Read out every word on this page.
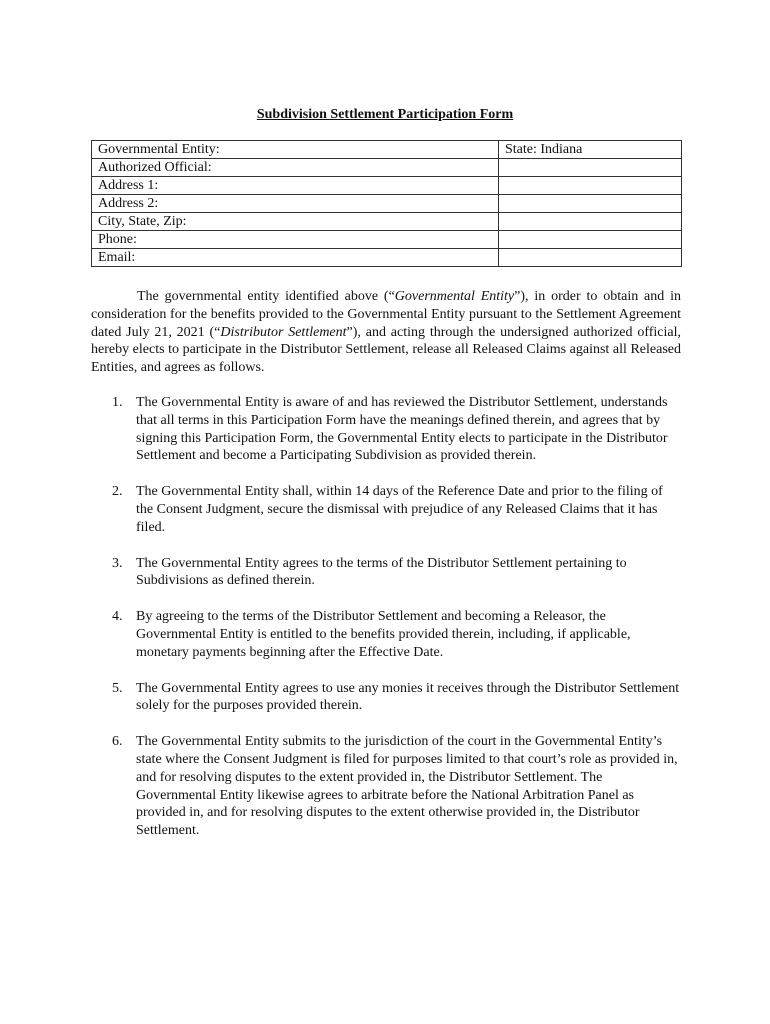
Subdivision Settlement Participation Form
Governmental Entity:	State: Indiana
Authorized Official:	
Address 1:	
Address 2:	
City, State, Zip:	
Phone:	
Email:	
The governmental entity identified above (“Governmental Entity”), in order to obtain and in consideration for the benefits provided to the Governmental Entity pursuant to the Settlement Agreement dated July 21, 2021 (“Distributor Settlement”), and acting through the undersigned authorized official, hereby elects to participate in the Distributor Settlement, release all Released Claims against all Released Entities, and agrees as follows.
1. The Governmental Entity is aware of and has reviewed the Distributor Settlement, understands that all terms in this Participation Form have the meanings defined therein, and agrees that by signing this Participation Form, the Governmental Entity elects to participate in the Distributor Settlement and become a Participating Subdivision as provided therein.
2. The Governmental Entity shall, within 14 days of the Reference Date and prior to the filing of the Consent Judgment, secure the dismissal with prejudice of any Released Claims that it has filed.
3. The Governmental Entity agrees to the terms of the Distributor Settlement pertaining to Subdivisions as defined therein.
4. By agreeing to the terms of the Distributor Settlement and becoming a Releasor, the Governmental Entity is entitled to the benefits provided therein, including, if applicable, monetary payments beginning after the Effective Date.
5. The Governmental Entity agrees to use any monies it receives through the Distributor Settlement solely for the purposes provided therein.
6. The Governmental Entity submits to the jurisdiction of the court in the Governmental Entity’s state where the Consent Judgment is filed for purposes limited to that court’s role as provided in, and for resolving disputes to the extent provided in, the Distributor Settlement. The Governmental Entity likewise agrees to arbitrate before the National Arbitration Panel as provided in, and for resolving disputes to the extent otherwise provided in, the Distributor Settlement.
